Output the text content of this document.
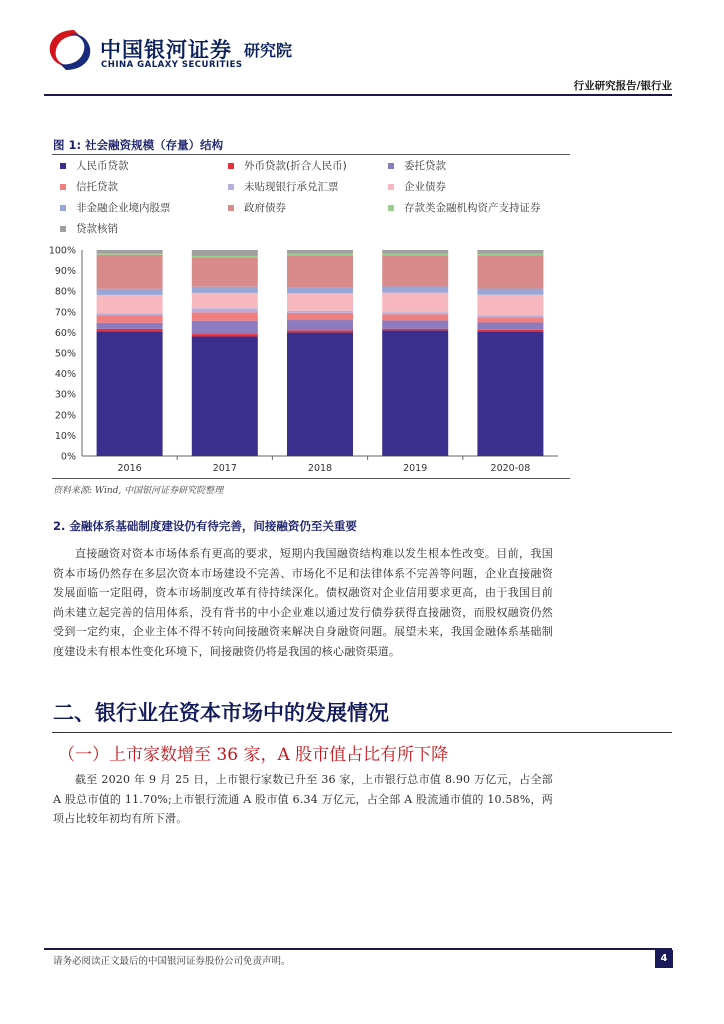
中国银河证券
CHINA GALAXY SECURITIES
研究院
行业研究报告/银行业
图 1: 社会融资规模（存量）结构
人民币贷款	外币贷款(折合人民币)	委托贷款
信托贷款	未贴现银行承兑汇票	企业债券
非金融企业境内股票	政府债券	存款类金融机构资产支持证券
贷款核销
0%
10%
20%
30%
40%
50%
60%
70%
80%
90%
100%
2016	2017	2018	2019	2020-08
资料来源: Wind, 中国银河证券研究院整理
2. 金融体系基础制度建设仍有待完善，间接融资仍至关重要
直接融资对资本市场体系有更高的要求，短期内我国融资结构难以发生根本性改变。目前，我国资本市场仍然存在多层次资本市场建设不完善、市场化不足和法律体系不完善等问题，企业直接融资发展面临一定阻碍，资本市场制度改革有待持续深化。债权融资对企业信用要求更高，由于我国目前尚未建立起完善的信用体系，没有背书的中小企业难以通过发行债券获得直接融资，而股权融资仍然受到一定约束，企业主体不得不转向间接融资来解决自身融资问题。展望未来，我国金融体系基础制度建设未有根本性变化环境下，间接融资仍将是我国的核心融资渠道。
二、银行业在资本市场中的发展情况
（一）上市家数增至 36 家，A 股市值占比有所下降
截至 2020 年 9 月 25 日，上市银行家数已升至 36 家，上市银行总市值 8.90 万亿元，占全部 A 股总市值的 11.70%;上市银行流通 A 股市值 6.34 万亿元，占全部 A 股流通市值的 10.58%，两项占比较年初均有所下滑。
请务必阅读正文最后的中国银河证券股份公司免责声明。	4
